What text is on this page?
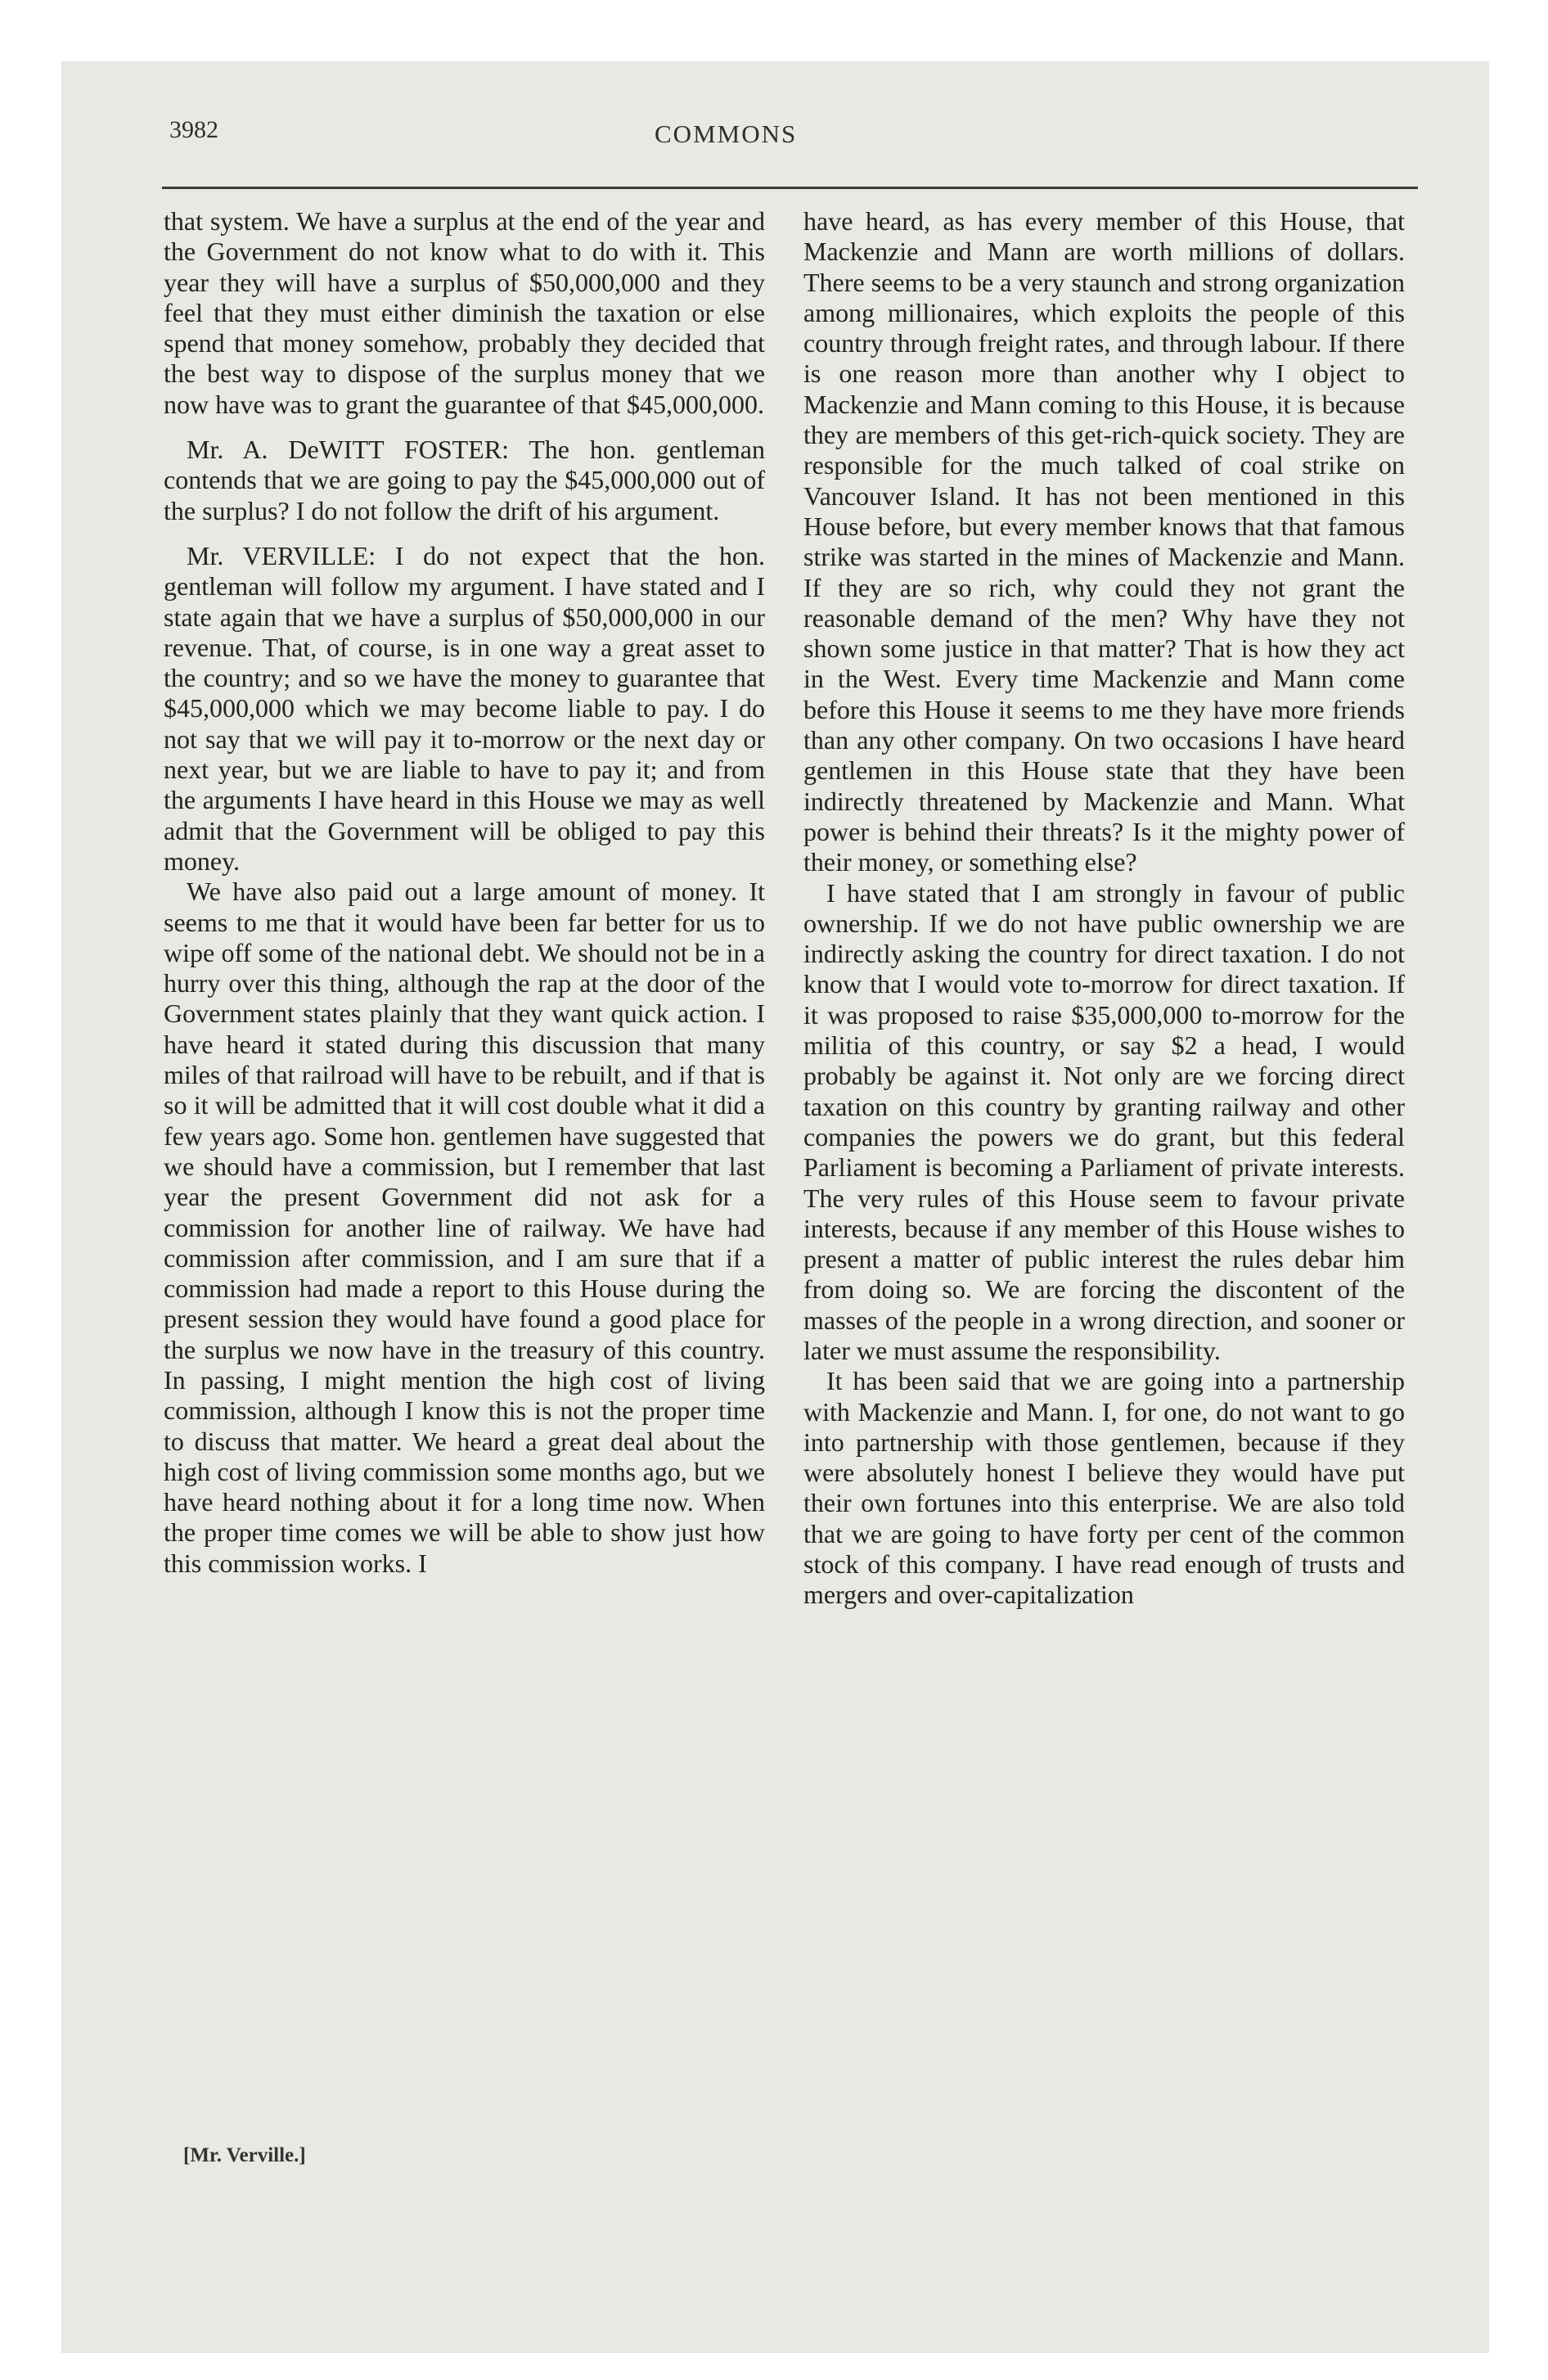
3982	COMMONS

that system. We have a surplus at the end of the year and the Government do not know what to do with it. This year they will have a surplus of $50,000,000 and they feel that they must either diminish the taxation or else spend that money somehow, probably they decided that the best way to dispose of the surplus money that we now have was to grant the guarantee of that $45,000,000.

Mr. A. DeWITT FOSTER: The hon. gentleman contends that we are going to pay the $45,000,000 out of the surplus? I do not follow the drift of his argument.

Mr. VERVILLE: I do not expect that the hon. gentleman will follow my argument. I have stated and I state again that we have a surplus of $50,000,000 in our revenue. That, of course, is in one way a great asset to the country; and so we have the money to guarantee that $45,000,000 which we may become liable to pay. I do not say that we will pay it to-morrow or the next day or next year, but we are liable to have to pay it; and from the arguments I have heard in this House we may as well admit that the Government will be obliged to pay this money.

We have also paid out a large amount of money. It seems to me that it would have been far better for us to wipe off some of the national debt. We should not be in a hurry over this thing, although the rap at the door of the Government states plainly that they want quick action. I have heard it stated during this discussion that many miles of that railroad will have to be rebuilt, and if that is so it will be admitted that it will cost double what it did a few years ago. Some hon. gentlemen have suggested that we should have a commission, but I remember that last year the present Government did not ask for a commission for another line of railway. We have had commission after commission, and I am sure that if a commission had made a report to this House during the present session they would have found a good place for the surplus we now have in the treasury of this country. In passing, I might mention the high cost of living commission, although I know this is not the proper time to discuss that matter. We heard a great deal about the high cost of living commission some months ago, but we have heard nothing about it for a long time now. When the proper time comes we will be able to show just how this commission works. I

have heard, as has every member of this House, that Mackenzie and Mann are worth millions of dollars. There seems to be a very staunch and strong organization among millionaires, which exploits the people of this country through freight rates, and through labour. If there is one reason more than another why I object to Mackenzie and Mann coming to this House, it is because they are members of this get-rich-quick society. They are responsible for the much talked of coal strike on Vancouver Island. It has not been mentioned in this House before, but every member knows that that famous strike was started in the mines of Mackenzie and Mann. If they are so rich, why could they not grant the reasonable demand of the men? Why have they not shown some justice in that matter? That is how they act in the West. Every time Mackenzie and Mann come before this House it seems to me they have more friends than any other company. On two occasions I have heard gentlemen in this House state that they have been indirectly threatened by Mackenzie and Mann. What power is behind their threats? Is it the mighty power of their money, or something else?

I have stated that I am strongly in favour of public ownership. If we do not have public ownership we are indirectly asking the country for direct taxation. I do not know that I would vote to-morrow for direct taxation. If it was proposed to raise $35,000,000 to-morrow for the militia of this country, or say $2 a head, I would probably be against it. Not only are we forcing direct taxation on this country by granting railway and other companies the powers we do grant, but this federal Parliament is becoming a Parliament of private interests. The very rules of this House seem to favour private interests, because if any member of this House wishes to present a matter of public interest the rules debar him from doing so. We are forcing the discontent of the masses of the people in a wrong direction, and sooner or later we must assume the responsibility.

It has been said that we are going into a partnership with Mackenzie and Mann. I, for one, do not want to go into partnership with those gentlemen, because if they were absolutely honest I believe they would have put their own fortunes into this enterprise. We are also told that we are going to have forty per cent of the common stock of this company. I have read enough of trusts and mergers and over-capitalization

[Mr. Verville.]
